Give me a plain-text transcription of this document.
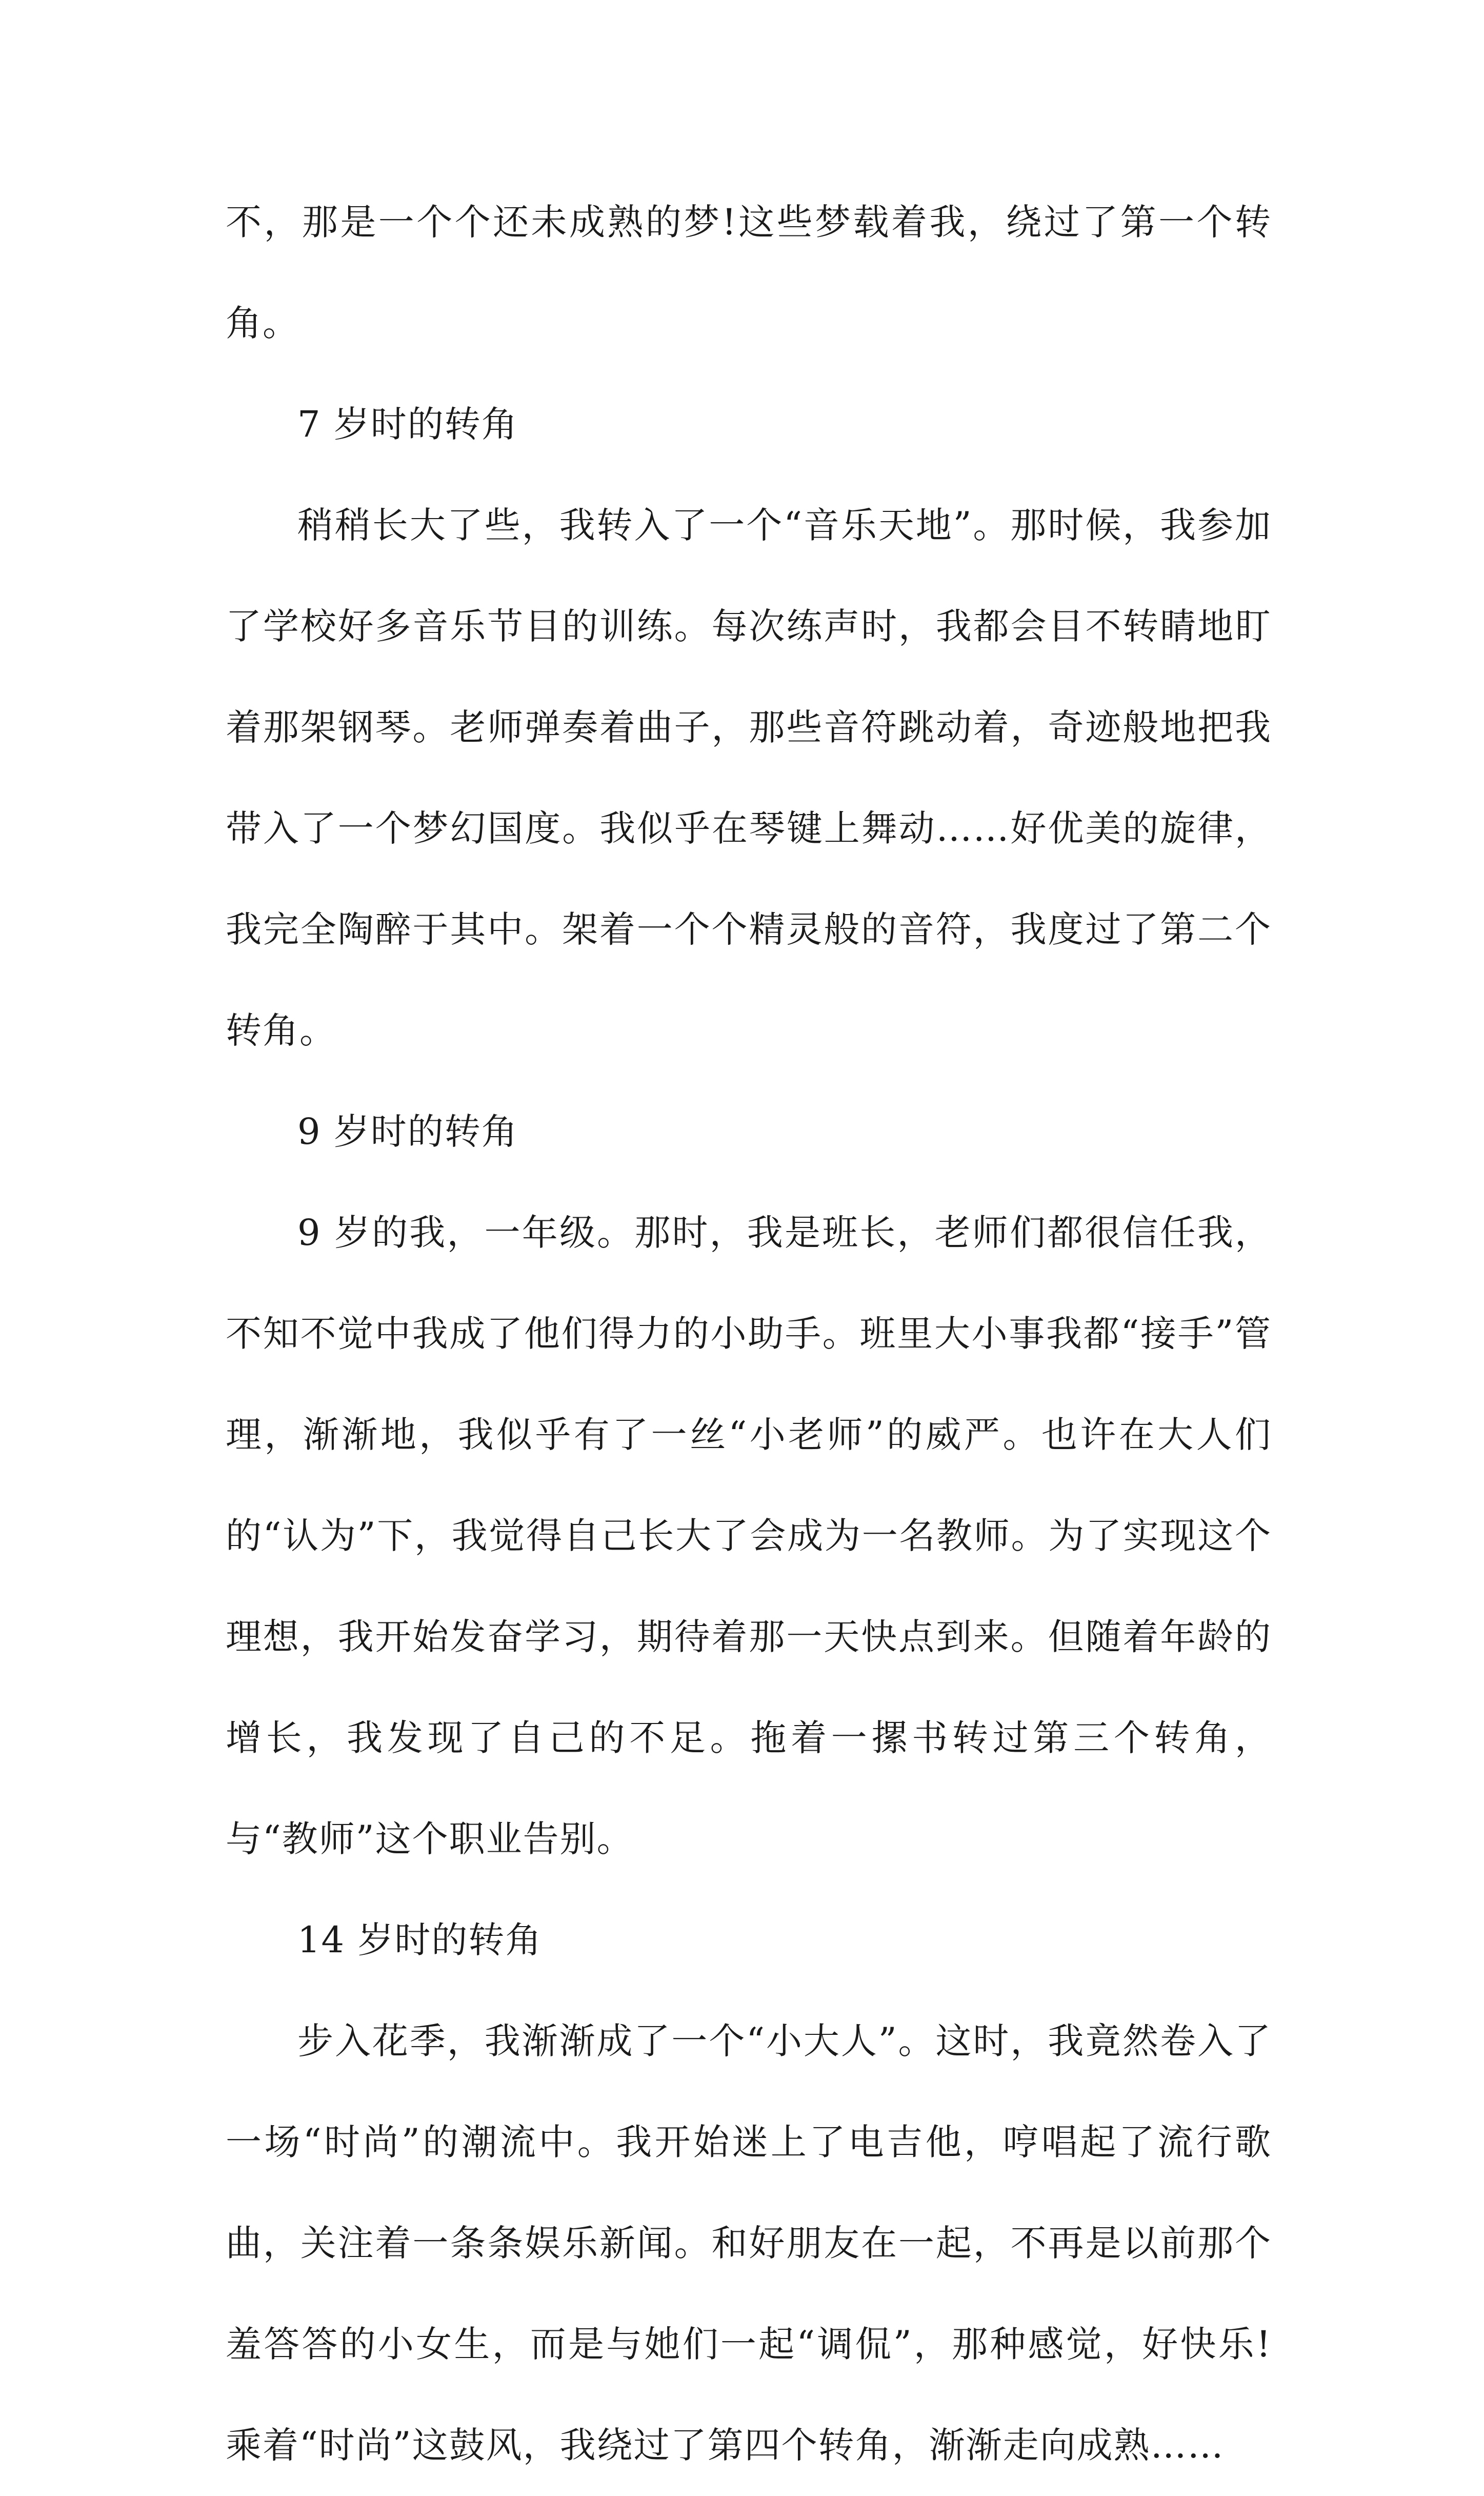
不，那是一个个还未成熟的梦!这些梦载着我，绕过了第一个转角。

7 岁时的转角

稍稍长大了些，我转入了一个“音乐天地”。那时候，我参加了学校好多音乐节目的训练。每次练声时，我都会目不转睛地盯着那架钢琴。老师弹奏着曲子，那些音符跳动着，奇迹般地把我带入了一个梦幻国度。我似乎在琴键上舞动……好优美的旋律，我完全陶醉于其中。架着一个个精灵般的音符，我度过了第二个转角。

9 岁时的转角

9 岁的我，一年级。那时，我是班长，老师们都很信任我，不知不觉中我成了他们得力的小助手。班里大小事我都“接手”管理，渐渐地，我似乎有了一丝“小老师”的威严。也许在大人们的“认为”下，我觉得自己长大了会成为一名教师。为了实现这个理想，我开始发奋学习，期待着那一天快点到来。但随着年龄的增长，我发现了自己的不足。拖着一摞书转过第三个转角，与“教师”这个职业告别。

14 岁时的转角

步入花季，我渐渐成了一个“小大人”。这时，我竟然卷入了一场“时尚”的潮流中。我开始迷上了电吉他，哼唱起了流行歌曲，关注着一条条娱乐新闻。和好朋友在一起，不再是以前那个羞答答的小女生，而是与她们一起“调侃”，那种感觉，好快乐!乘着“时尚”这鼓风，我绕过了第四个转角，渐渐走向成熟……
